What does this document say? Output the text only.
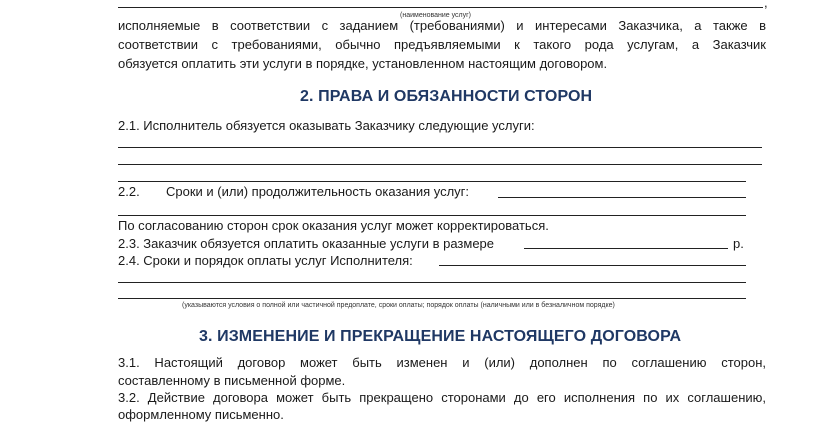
,
(наименование услуг)
исполняемые в соответствии с заданием (требованиями) и интересами Заказчика, а также в
соответствии с требованиями, обычно предъявляемыми к такого рода услугам, а Заказчик
обязуется оплатить эти услуги в порядке, установленном настоящим договором.
2. ПРАВА И ОБЯЗАННОСТИ СТОРОН
2.1. Исполнитель обязуется оказывать Заказчику следующие услуги:
2.2. Сроки и (или) продолжительность оказания услуг:
По согласованию сторон срок оказания услуг может корректироваться.
2.3. Заказчик обязуется оплатить оказанные услуги в размере	р.
2.4. Сроки и порядок оплаты услуг Исполнителя:
(указываются условия о полной или частичной предоплате, сроки оплаты; порядок оплаты (наличными или в безналичном порядке)
3. ИЗМЕНЕНИЕ И ПРЕКРАЩЕНИЕ НАСТОЯЩЕГО ДОГОВОРА
3.1. Настоящий договор может быть изменен и (или) дополнен по соглашению сторон,
составленному в письменной форме.
3.2. Действие договора может быть прекращено сторонами до его исполнения по их соглашению,
оформленному письменно.
